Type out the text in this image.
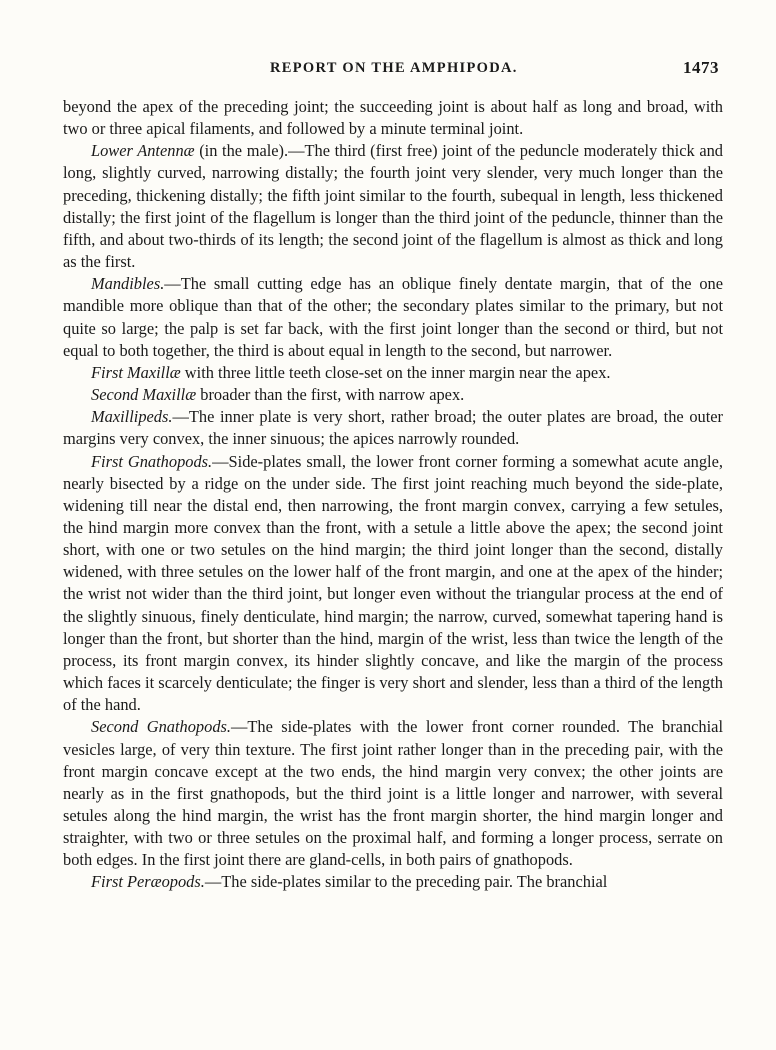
REPORT ON THE AMPHIPODA.	1473

beyond the apex of the preceding joint; the succeeding joint is about half as long and broad, with two or three apical filaments, and followed by a minute terminal joint.

Lower Antennæ (in the male).—The third (first free) joint of the peduncle moderately thick and long, slightly curved, narrowing distally; the fourth joint very slender, very much longer than the preceding, thickening distally; the fifth joint similar to the fourth, subequal in length, less thickened distally; the first joint of the flagellum is longer than the third joint of the peduncle, thinner than the fifth, and about two-thirds of its length; the second joint of the flagellum is almost as thick and long as the first.

Mandibles.—The small cutting edge has an oblique finely dentate margin, that of the one mandible more oblique than that of the other; the secondary plates similar to the primary, but not quite so large; the palp is set far back, with the first joint longer than the second or third, but not equal to both together, the third is about equal in length to the second, but narrower.

First Maxillæ with three little teeth close-set on the inner margin near the apex.

Second Maxillæ broader than the first, with narrow apex.

Maxillipeds.—The inner plate is very short, rather broad; the outer plates are broad, the outer margins very convex, the inner sinuous; the apices narrowly rounded.

First Gnathopods.—Side-plates small, the lower front corner forming a somewhat acute angle, nearly bisected by a ridge on the under side. The first joint reaching much beyond the side-plate, widening till near the distal end, then narrowing, the front margin convex, carrying a few setules, the hind margin more convex than the front, with a setule a little above the apex; the second joint short, with one or two setules on the hind margin; the third joint longer than the second, distally widened, with three setules on the lower half of the front margin, and one at the apex of the hinder; the wrist not wider than the third joint, but longer even without the triangular process at the end of the slightly sinuous, finely denticulate, hind margin; the narrow, curved, somewhat tapering hand is longer than the front, but shorter than the hind, margin of the wrist, less than twice the length of the process, its front margin convex, its hinder slightly concave, and like the margin of the process which faces it scarcely denticulate; the finger is very short and slender, less than a third of the length of the hand.

Second Gnathopods.—The side-plates with the lower front corner rounded. The branchial vesicles large, of very thin texture. The first joint rather longer than in the preceding pair, with the front margin concave except at the two ends, the hind margin very convex; the other joints are nearly as in the first gnathopods, but the third joint is a little longer and narrower, with several setules along the hind margin, the wrist has the front margin shorter, the hind margin longer and straighter, with two or three setules on the proximal half, and forming a longer process, serrate on both edges. In the first joint there are gland-cells, in both pairs of gnathopods.

First Peræopods.—The side-plates similar to the preceding pair. The branchial
